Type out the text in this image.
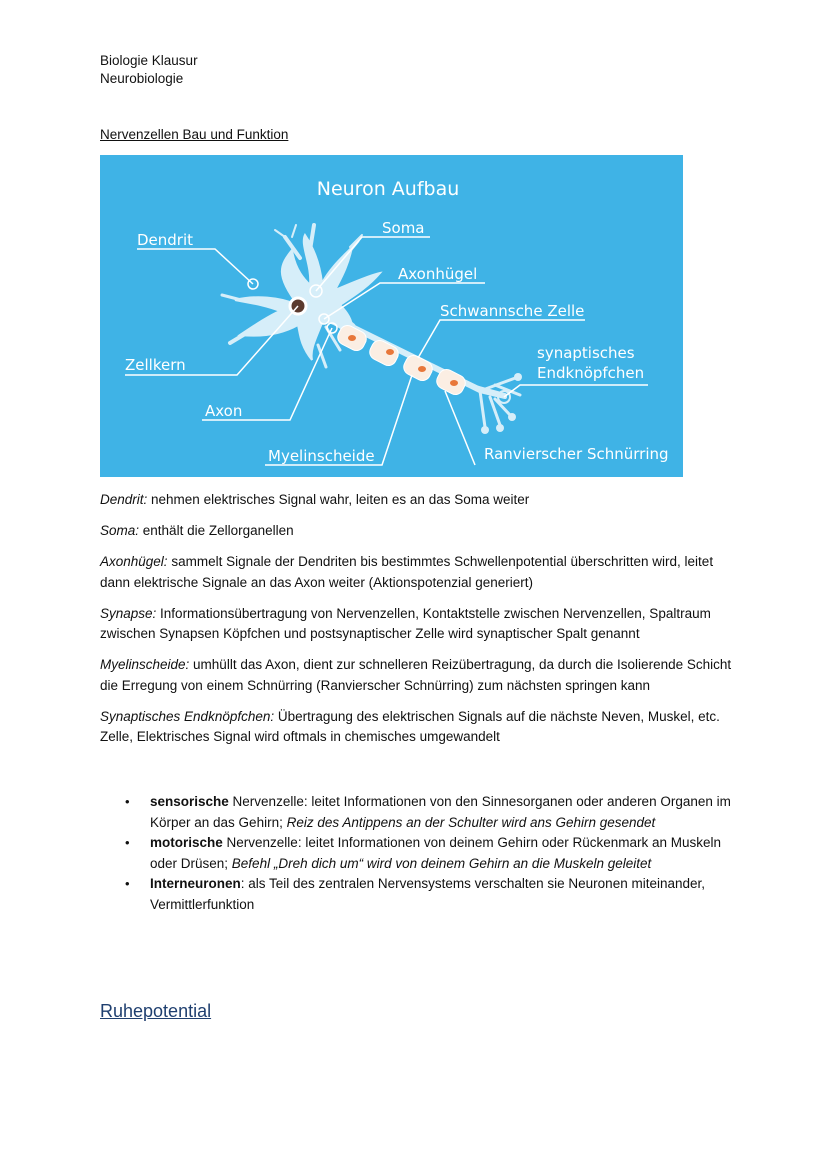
Biologie Klausur
Neurobiologie
Nervenzellen Bau und Funktion
Neuron Aufbau
Dendrit
Soma
Axonhügel
Schwannsche Zelle
synaptisches
Endknöpfchen
Zellkern
Axon
Myelinscheide	Ranvierscher Schnürring

Dendrit: nehmen elektrisches Signal wahr, leiten es an das Soma weiter

Soma: enthält die Zellorganellen

Axonhügel: sammelt Signale der Dendriten bis bestimmtes Schwellenpotential überschritten wird, leitet dann elektrische Signale an das Axon weiter (Aktionspotenzial generiert)

Synapse: Informationsübertragung von Nervenzellen, Kontaktstelle zwischen Nervenzellen, Spaltraum zwischen Synapsen Köpfchen und postsynaptischer Zelle wird synaptischer Spalt genannt

Myelinscheide: umhüllt das Axon, dient zur schnelleren Reizübertragung, da durch die Isolierende Schicht die Erregung von einem Schnürring (Ranvierscher Schnürring) zum nächsten springen kann

Synaptisches Endknöpfchen: Übertragung des elektrischen Signals auf die nächste Neven, Muskel, etc. Zelle, Elektrisches Signal wird oftmals in chemisches umgewandelt

• sensorische Nervenzelle: leitet Informationen von den Sinnesorganen oder anderen Organen im Körper an das Gehirn; Reiz des Antippens an der Schulter wird ans Gehirn gesendet
• motorische Nervenzelle: leitet Informationen von deinem Gehirn oder Rückenmark an Muskeln oder Drüsen; Befehl „Dreh dich um“ wird von deinem Gehirn an die Muskeln geleitet
• Interneuronen: als Teil des zentralen Nervensystems verschalten sie Neuronen miteinander, Vermittlerfunktion
Ruhepotential
